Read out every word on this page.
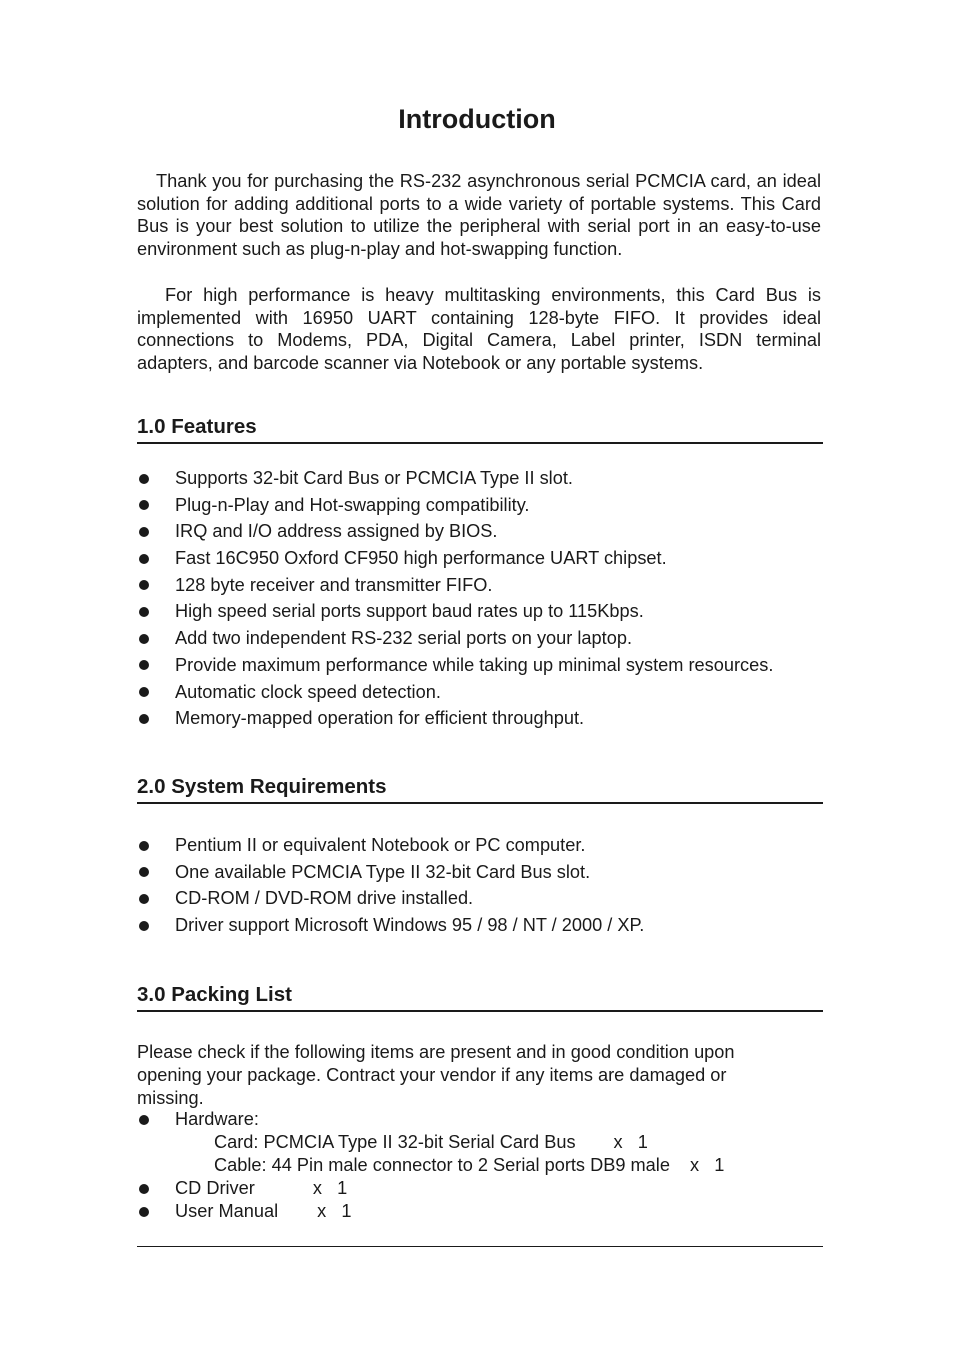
Introduction

Thank you for purchasing the RS-232 asynchronous serial PCMCIA card, an ideal solution for adding additional ports to a wide variety of portable systems. This Card Bus is your best solution to utilize the peripheral with serial port in an easy-to-use environment such as plug-n-play and hot-swapping function.

For high performance is heavy multitasking environments, this Card Bus is implemented with 16950 UART containing 128-byte FIFO. It provides ideal connections to Modems, PDA, Digital Camera, Label printer, ISDN terminal adapters, and barcode scanner via Notebook or any portable systems.

1.0 Features
Supports 32-bit Card Bus or PCMCIA Type II slot.
Plug-n-Play and Hot-swapping compatibility.
IRQ and I/O address assigned by BIOS.
Fast 16C950 Oxford CF950 high performance UART chipset.
128 byte receiver and transmitter FIFO.
High speed serial ports support baud rates up to 115Kbps.
Add two independent RS-232 serial ports on your laptop.
Provide maximum performance while taking up minimal system resources.
Automatic clock speed detection.
Memory-mapped operation for efficient throughput.
2.0 System Requirements
Pentium II or equivalent Notebook or PC computer.
One available PCMCIA Type II 32-bit Card Bus slot.
CD-ROM / DVD-ROM drive installed.
Driver support Microsoft Windows 95 / 98 / NT / 2000 / XP.
3.0 Packing List

Please check if the following items are present and in good condition upon opening your package. Contract your vendor if any items are damaged or missing.

Hardware:
Card: PCMCIA Type II 32-bit Serial Card Bus x   1
Cable: 44 Pin male connector to 2 Serial ports DB9 male x   1
CD Driver	x   1
User Manual x   1
